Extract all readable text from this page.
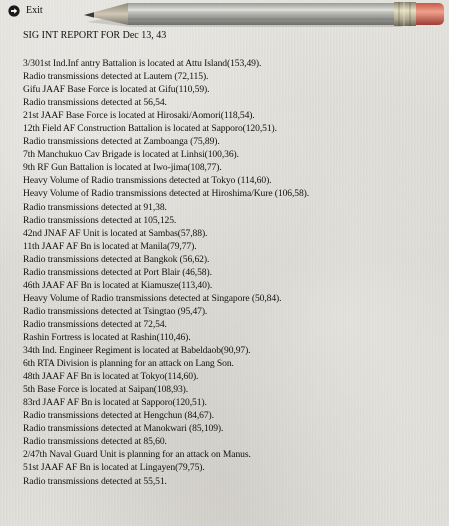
Exit
SIG INT REPORT FOR Dec 13, 43
3/301st Ind.Inf antry Battalion is located at Attu Island(153,49).
Radio transmissions detected at Lautem (72,115).
Gifu JAAF Base Force is located at Gifu(110,59).
Radio transmissions detected at 56,54.
21st JAAF Base Force is located at Hirosaki/Aomori(118,54).
12th Field AF Construction Battalion is located at Sapporo(120,51).
Radio transmissions detected at Zamboanga (75,89).
7th Manchukuo Cav Brigade is located at Linhsi(100,36).
9th RF Gun Battalion is located at Iwo-jima(108,77).
Heavy Volume of Radio transmissions detected at Tokyo (114,60).
Heavy Volume of Radio transmissions detected at Hiroshima/Kure (106,58).
Radio transmissions detected at 91,38.
Radio transmissions detected at 105,125.
42nd JNAF AF Unit is located at Sambas(57,88).
11th JAAF AF Bn is located at Manila(79,77).
Radio transmissions detected at Bangkok (56,62).
Radio transmissions detected at Port Blair (46,58).
46th JAAF AF Bn is located at Kiamusze(113,40).
Heavy Volume of Radio transmissions detected at Singapore (50,84).
Radio transmissions detected at Tsingtao (95,47).
Radio transmissions detected at 72,54.
Rashin Fortress is located at Rashin(110,46).
34th Ind. Engineer Regiment is located at Babeldaob(90,97).
6th RTA Division is planning for an attack on Lang Son.
48th JAAF AF Bn is located at Tokyo(114,60).
5th Base Force is located at Saipan(108,93).
83rd JAAF AF Bn is located at Sapporo(120,51).
Radio transmissions detected at Hengchun (84,67).
Radio transmissions detected at Manokwari (85,109).
Radio transmissions detected at 85,60.
2/47th Naval Guard Unit is planning for an attack on Manus.
51st JAAF AF Bn is located at Lingayen(79,75).
Radio transmissions detected at 55,51.
